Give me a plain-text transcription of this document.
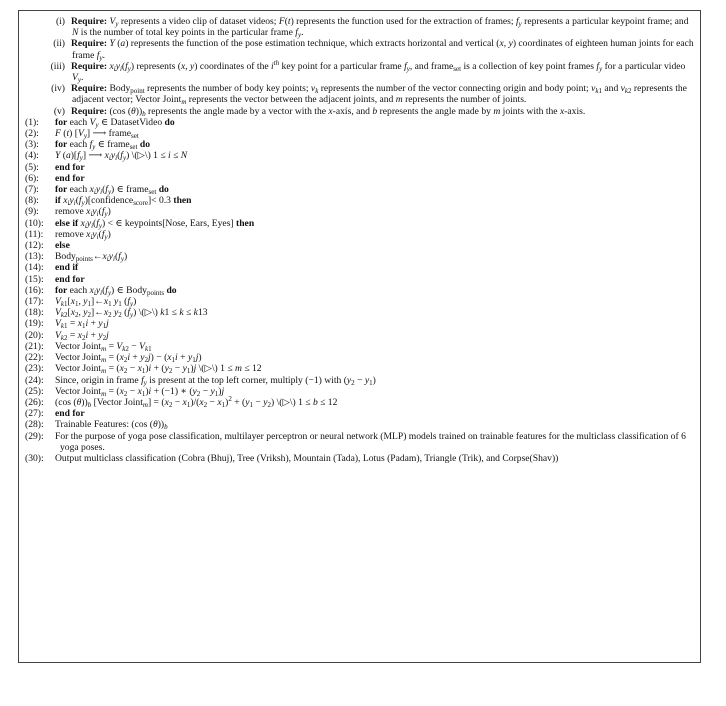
(i) Require: $V_y$ represents a video clip of dataset videos; F(t) represents the function used for the extraction of frames; $f_y$ represents a particular keypoint frame; and N is the number of total key points in the particular frame $f_y$.
(ii) Require: Y (a) represents the function of the pose estimation technique, which extracts horizontal and vertical (x, y) coordinates of eighteen human joints for each frame $f_y$.
(iii) Require: $x_iy_i(f_y)$ represents (x, y) coordinates of the $i^{th}$ key point for a particular frame $f_y$, and frame$_{set}$ is a collection of key point frames $f_y$ for a particular video $V_y$.
(iv) Require: Body$_{point}$ represents the number of body key points; $v_k$ represents the number of the vector connecting origin and body point; $v_{k1}$ and $v_{k2}$ represents the adjacent vector; Vector Joint$_m$ represents the vector between the adjacent joints, and m represents the number of joints.
(v) Require: (cos $(\theta))_b$ represents the angle made by a vector with the x-axis, and b represents the angle made by m joints with the x-axis.
(1): for each $V_y$ ∈ DatasetVideo do
(2): F (t) $[V_y]$ ⟶ frame$_{set}$
(3): for each $f_y$ ∈ frame$_{set}$ do
(4): Y $(a)[f_y]$ ⟶ $x_iy_i(f_y)$ \(▷\) 1 ≤ i ≤ N
(5): end for
(6): end for
(7): for each $x_iy_i(f_y)$ ∈ frame$_{set}$ do
(8): if $x_iy_i(f_y)[confidence_{score}]< 0.3$ then
(9): remove $x_iy_i(f_y)$
(10): else if $x_iy_i(f_y)$ < ∈ keypoints[Nose, Ears, Eyes] then
(11): remove $x_iy_i(f_y)$
(12): else
(13): $Body_{points}\leftarrow x_iy_i(f_y)$
(14): end if
(15): end for
(16): for each $x_iy_i(f_y)$ ∈ Body$_{points}$ do
(17): $V_{k1}[x_1$, $y_1]\leftarrow x_1$ $y_1$ $(f_y)$
(18): $V_{k2}[x_2$, $y_2]\leftarrow x_2$ $y_2$ $(f_y)$ \(▷\) k1 ≤ k ≤ k13
(19): $V_{k1} = x_1i + y_1j$
(20): $V_{k2} = x_2i + y_2j$
(21): Vector Joint$_m$ = $V_{k2} - V_{k1}$
(22): Vector Joint$_m$ = $(x_2i + y_2j) - (x_1i + y_1j)$
(23): Vector Joint$_m$ = $(x_2 - x_1)i + (y_2 - y_1)j$ \(▷\) 1 ≤ m ≤ 12
(24): Since, origin in frame $f_y$ is present at the top left corner, multiply (−1) with $(y_2 - y_1)$
(25): Vector Joint$_m$ = $(x_2 - x_1)i + (-1)$ ∗ $(y_2 - y_1)j$
(26): (cos $(\theta))_b$ [Vector Joint$_m$] = $(x_2 - x_1)/(x_2 - x_1)^2 + (y_1 - y_2)$ \(▷\) 1 ≤ b ≤ 12
(27): end for
(28): Trainable Features: (cos $(\theta))_b$
(29): For the purpose of yoga pose classification, multilayer perceptron or neural network (MLP) models trained on trainable features for the multiclass classification of 6 yoga poses.
(30): Output multiclass classification (Cobra (Bhuj), Tree (Vriksh), Mountain (Tada), Lotus (Padam), Triangle (Trik), and Corpse(Shav))
